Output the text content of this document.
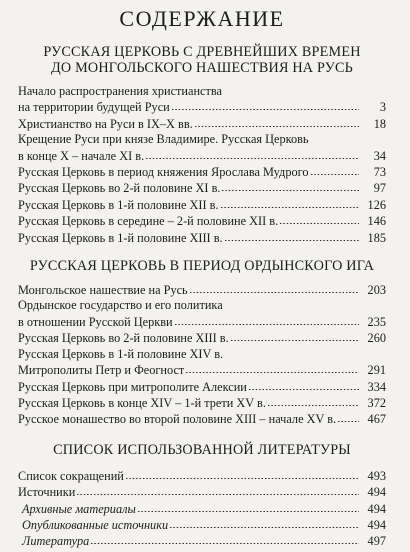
СОДЕРЖАНИЕ
РУССКАЯ ЦЕРКОВЬ С ДРЕВНЕЙШИХ ВРЕМЕН
ДО МОНГОЛЬСКОГО НАШЕСТВИЯ НА РУСЬ
Начало распространения христианства
на территории будущей Руси	3
Христианство на Руси в IX–X вв.	18
Крещение Руси при князе Владимире. Русская Церковь
в конце X – начале XI в.	34
Русская Церковь в период княжения Ярослава Мудрого	73
Русская Церковь во 2-й половине XI в.	97
Русская Церковь в 1-й половине XII в.	126
Русская Церковь в середине – 2-й половине XII в.	146
Русская Церковь в 1-й половине XIII в.	185
РУССКАЯ ЦЕРКОВЬ В ПЕРИОД ОРДЫНСКОГО ИГА
Монгольское нашествие на Русь	203
Ордынское государство и его политика
в отношении Русской Церкви	235
Русская Церковь во 2-й половине XIII в.	260
Русская Церковь в 1-й половине XIV в.
Митрополиты Петр и Феогност	291
Русская Церковь при митрополите Алексии	334
Русская Церковь в конце XIV – 1-й трети XV в.	372
Русское монашество во второй половине XIII – начале XV в.	467
СПИСОК ИСПОЛЬЗОВАННОЙ ЛИТЕРАТУРЫ
Список сокращений	493
Источники	494
Архивные материалы	494
Опубликованные источники	494
Литература	497
